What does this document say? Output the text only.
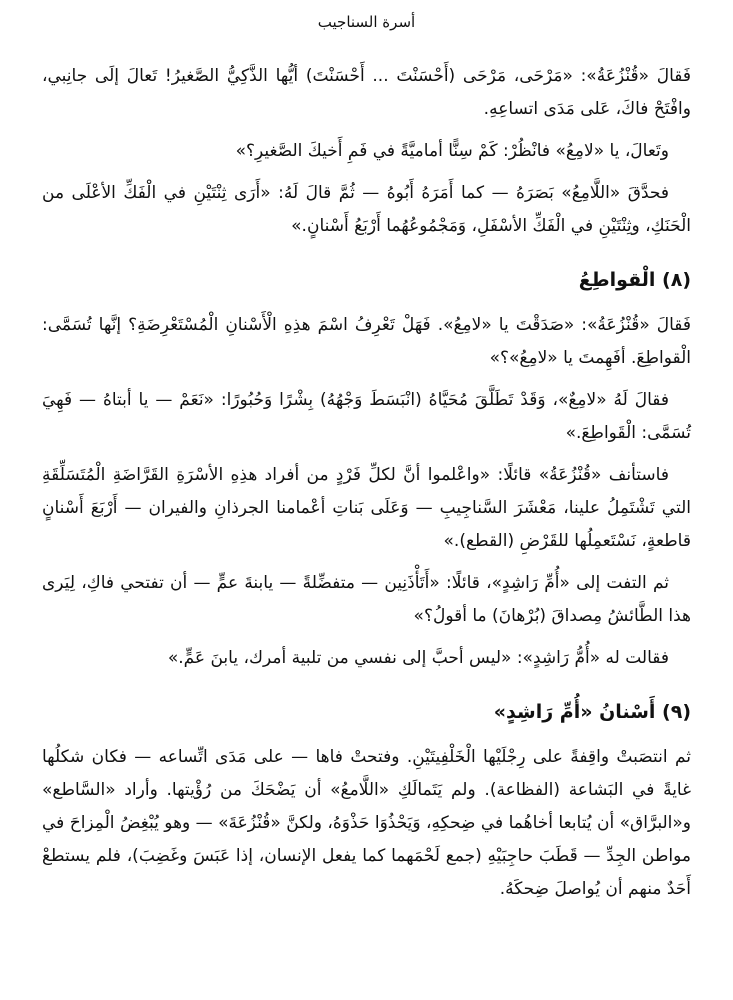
أسرة السناجيب

فَقالَ «قُنْزُعَةُ»: «مَرْحَى، مَرْحَى (أَحْسَنْتَ ... أَحْسَنْتَ) أيُّها الذَّكِيُّ الصَّغيرُ! تَعالَ إلَى جانِبي، وافْتَحْ فاكَ، عَلى مَدَى اتساعِهِ.

وتَعالَ، يا «لامِعُ» فانْظُرْ: كَمْ سِنًّا أماميَّةً في فَمِ أَخيكَ الصَّغيرِ؟»

فحدَّقَ «اللَّامِعُ» بَصَرَهُ — كما أَمَرَهُ أَبُوهُ — ثُمَّ قالَ لَهُ: «أَرَى ثِنْتَيْنِ في الْفَكِّ الأعْلَى من الْحَنَكِ، وثِنْتَيْنِ في الْفَكِّ الأسْفَلِ، وَمَجْمُوعُهُما أَرْبَعُ أَسْنانٍ.»

(٨) الْقواطِعُ

فَقالَ «قُنْزُعَةُ»: «صَدَقْتَ يا «لامِعُ». فَهَلْ تَعْرِفُ اسْمَ هذِهِ الْأَسْنانِ الْمُسْتَعْرِضَةِ؟ إنَّها تُسَمَّى: الْقواطِعَ. أفَهِمتَ يا «لامِعُ»؟»

فقالَ لَهُ «لامِعٌ»، وَقَدْ تَطَلَّقَ مُحَيَّاهُ (انْبَسَطَ وَجْهُهُ) بِشْرًا وَحُبُورًا: «نَعَمْ — يا أبتاهُ — فَهِيَ تُسَمَّى: الْقَواطِعَ.»

فاستأنف «قُنْزُعَةُ» قائلًا: «واعْلموا أنَّ لكلِّ فَرْدٍ من أفراد هذِهِ الأسْرَةِ القَرَّاضَةِ الْمُتَسَلِّقَةِ التي تَشْتَمِلُ علينا، مَعْشَرَ السَّناجِيبِ — وَعَلَى بَناتِ أعْمامنا الجرذانِ والفيران — أَرْبَعَ أَسْنانٍ قاطعةٍ، نَسْتَعمِلُها للقَرْضِ (القطع).»

ثم التفت إلى «أُمِّ رَاشِدٍ»، قائلًا: «أَتَأْذَنِين — متفضِّلةً — يابنةَ عمٍّ — أن تفتحي فاكِ، لِيَرى هذا الطَّائشُ مِصداقَ (بُرْهانَ) ما أقولُ؟»

فقالت له «أُمُّ رَاشِدٍ»: «ليس أحبَّ إلى نفسي من تلبية أمرك، يابنَ عَمٍّ.»

(٩) أَسْنانُ «أُمِّ رَاشِدٍ»

ثم انتصَبتْ واقِفةً على رِجْلَيْها الْخَلْفِيتَيْنِ. وفتحتْ فاها — على مَدَى اتِّساعه — فكان شكلُها غايةً في البَشاعة (الفظاعة). ولم يَتَمالَكِ «اللَّامعُ» أن يَضْحَكَ من رُؤْيتها. وأراد «السَّاطع» و«البرَّاق» أن يُتابعا أخاهُما في ضِحكِهِ، وَيَحْذُوَا حَذْوَهُ، ولكنَّ «قُنْزُعَةَ» — وهو يُبْغِضُ الْمِزاحَ في مواطن الجِدِّ — قَطَبَ حاجِبَيْهِ (جمع لَحْمَهما كما يفعل الإنسان، إذا عَبَسَ وغَضِبَ)، فلم يستطعْ أَحَدٌ منهم أن يُواصلَ ضِحكَهُ.
